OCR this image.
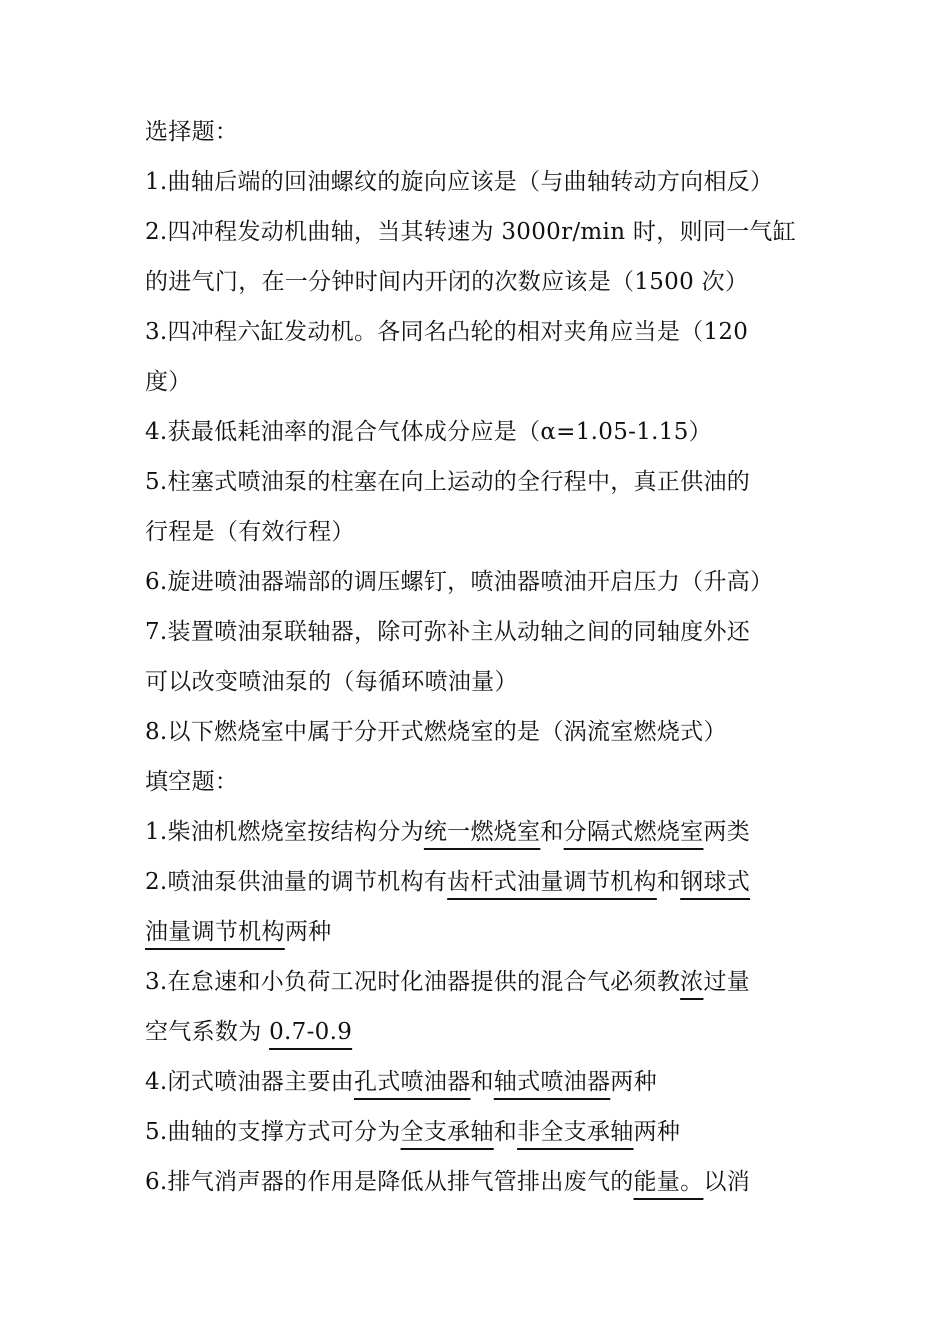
选择题：
1.曲轴后端的回油螺纹的旋向应该是（与曲轴转动方向相反）
2.四冲程发动机曲轴，当其转速为 3000r/min 时，则同一气缸
的进气门，在一分钟时间内开闭的次数应该是（1500 次）
3.四冲程六缸发动机。各同名凸轮的相对夹角应当是（120
度）
4.获最低耗油率的混合气体成分应是（α=1.05-1.15）
5.柱塞式喷油泵的柱塞在向上运动的全行程中，真正供油的
行程是（有效行程）
6.旋进喷油器端部的调压螺钉，喷油器喷油开启压力（升高）
7.装置喷油泵联轴器，除可弥补主从动轴之间的同轴度外还
可以改变喷油泵的（每循环喷油量）
8.以下燃烧室中属于分开式燃烧室的是（涡流室燃烧式）
填空题：
1.柴油机燃烧室按结构分为统一燃烧室和分隔式燃烧室两类
2.喷油泵供油量的调节机构有齿杆式油量调节机构和钢球式
油量调节机构两种
3.在怠速和小负荷工况时化油器提供的混合气必须教浓过量
空气系数为 0.7-0.9
4.闭式喷油器主要由孔式喷油器和轴式喷油器两种
5.曲轴的支撑方式可分为全支承轴和非全支承轴两种
6.排气消声器的作用是降低从排气管排出废气的能量。以消
